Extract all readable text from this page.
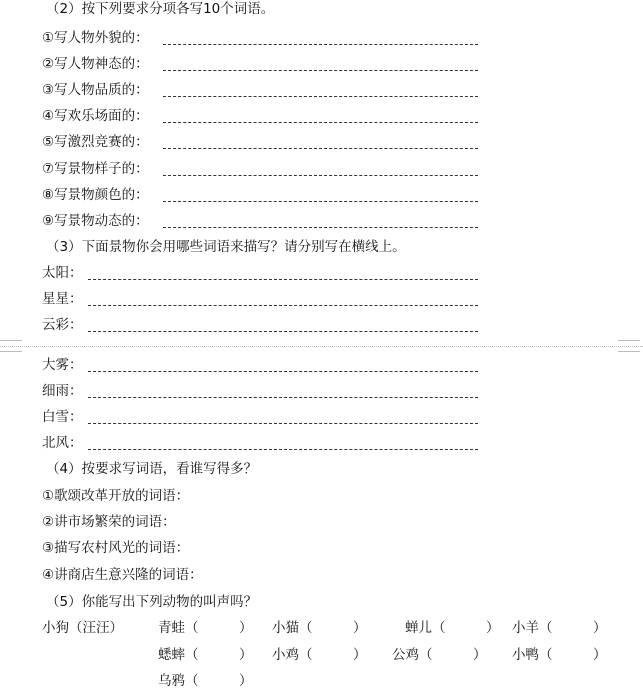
（2）按下列要求分项各写10个词语。
①写人物外貌的：
②写人物神态的：
③写人物品质的：
④写欢乐场面的：
⑤写激烈竞赛的：
⑦写景物样子的：
⑧写景物颜色的：
⑨写景物动态的：
（3）下面景物你会用哪些词语来描写？请分别写在横线上。
太阳：
星星：
云彩：
大雾：
细雨：
白雪：
北风：
（4）按要求写词语，看谁写得多？
①歌颂改革开放的词语：
②讲市场繁荣的词语：
③描写农村风光的词语：
④讲商店生意兴隆的词语：
（5）你能写出下列动物的叫声吗？
小狗（汪汪）	青蛙（　　　） 小猫（　　　）	蝉儿（　　　） 小羊（　　　）
蟋蟀（　　　） 小鸡（　　　） 公鸡（　　　） 小鸭（　　　）
乌鸦（　　　）
